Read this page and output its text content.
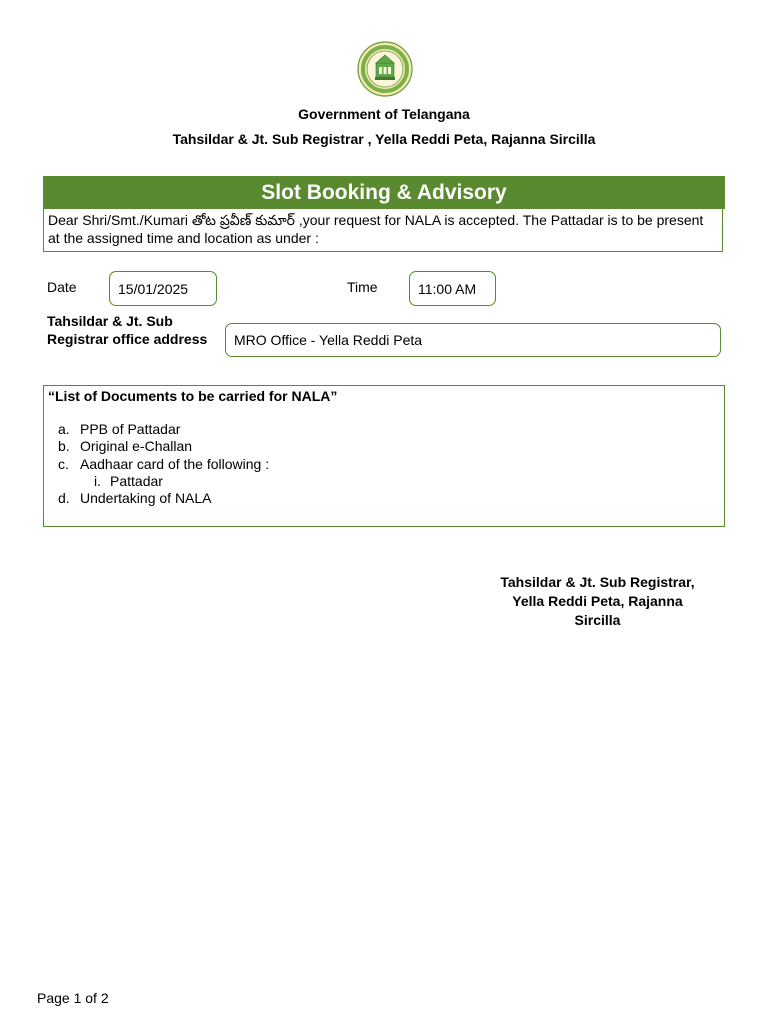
Government of Telangana
Tahsildar & Jt. Sub Registrar , Yella Reddi Peta, Rajanna Sircilla
Slot Booking & Advisory
Dear Shri/Smt./Kumari తోట ప్రవీణ్ కుమార్ ,your request for NALA is accepted. The Pattadar is to be present at the assigned time and location as under :
Date	15/01/2025	Time	11:00 AM
Tahsildar & Jt. Sub Registrar office address	MRO Office - Yella Reddi Peta
“List of Documents to be carried for NALA”
a. PPB of Pattadar
b. Original e-Challan
c. Aadhaar card of the following :
i. Pattadar
d. Undertaking of NALA
Tahsildar & Jt. Sub Registrar,
Yella Reddi Peta, Rajanna
Sircilla
Page 1 of 2
